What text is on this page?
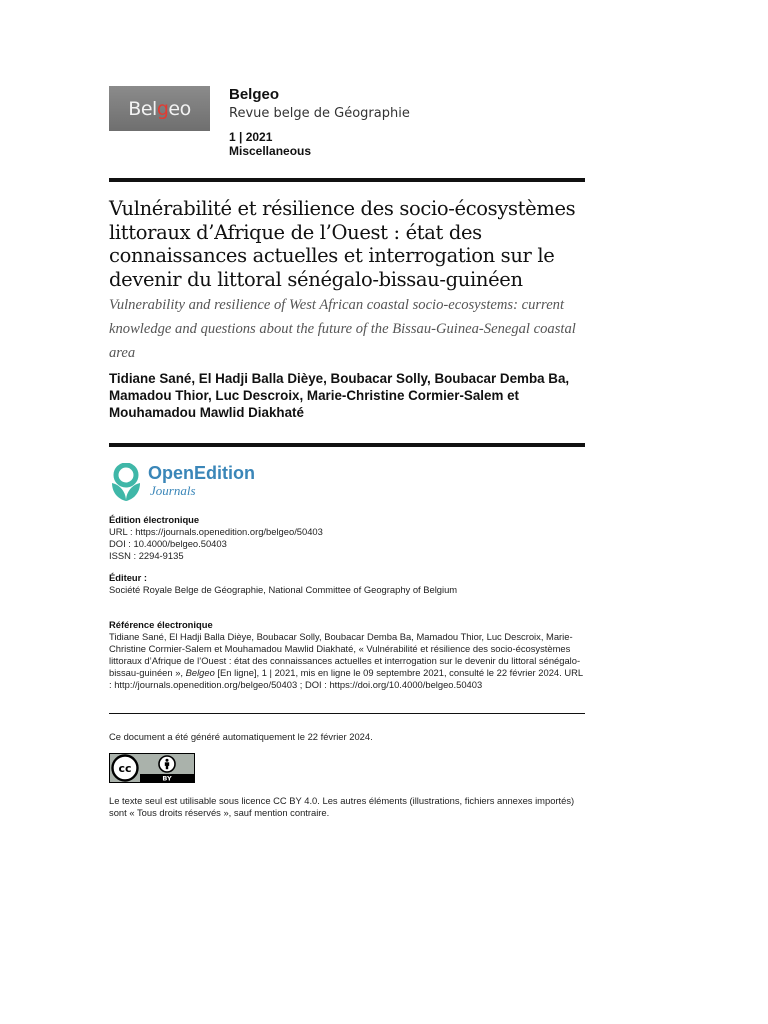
Bel g eo
Belgeo
Revue belge de Géographie
1 | 2021
Miscellaneous
Vulnérabilité et résilience des socio-écosystèmes littoraux d’Afrique de l’Ouest : état des connaissances actuelles et interrogation sur le devenir du littoral sénégalo-bissau-guinéen

Vulnerability and resilience of West African coastal socio-ecosystems: current knowledge and questions about the future of the Bissau-Guinea-Senegal coastal area

Tidiane Sané, El Hadji Balla Dièye, Boubacar Solly, Boubacar Demba Ba, Mamadou Thior, Luc Descroix, Marie-Christine Cormier-Salem et Mouhamadou Mawlid Diakhaté

OpenEdition
Journals

Édition électronique

URL : https://journals.openedition.org/belgeo/50403

DOI : 10.4000/belgeo.50403

ISSN : 2294-9135

Éditeur :

Société Royale Belge de Géographie, National Committee of Geography of Belgium

Référence électronique

Tidiane Sané, El Hadji Balla Dièye, Boubacar Solly, Boubacar Demba Ba, Mamadou Thior, Luc Descroix, Marie-Christine Cormier-Salem et Mouhamadou Mawlid Diakhaté, « Vulnérabilité et résilience des socio-écosystèmes littoraux d’Afrique de l’Ouest : état des connaissances actuelles et interrogation sur le devenir du littoral sénégalo-bissau-guinéen », Belgeo [En ligne], 1 | 2021, mis en ligne le 09 septembre 2021, consulté le 22 février 2024. URL : http://journals.openedition.org/belgeo/50403 ; DOI : https://doi.org/10.4000/belgeo.50403

Ce document a été généré automatiquement le 22 février 2024.

cc
BY

Le texte seul est utilisable sous licence CC BY 4.0. Les autres éléments (illustrations, fichiers annexes importés) sont « Tous droits réservés », sauf mention contraire.
